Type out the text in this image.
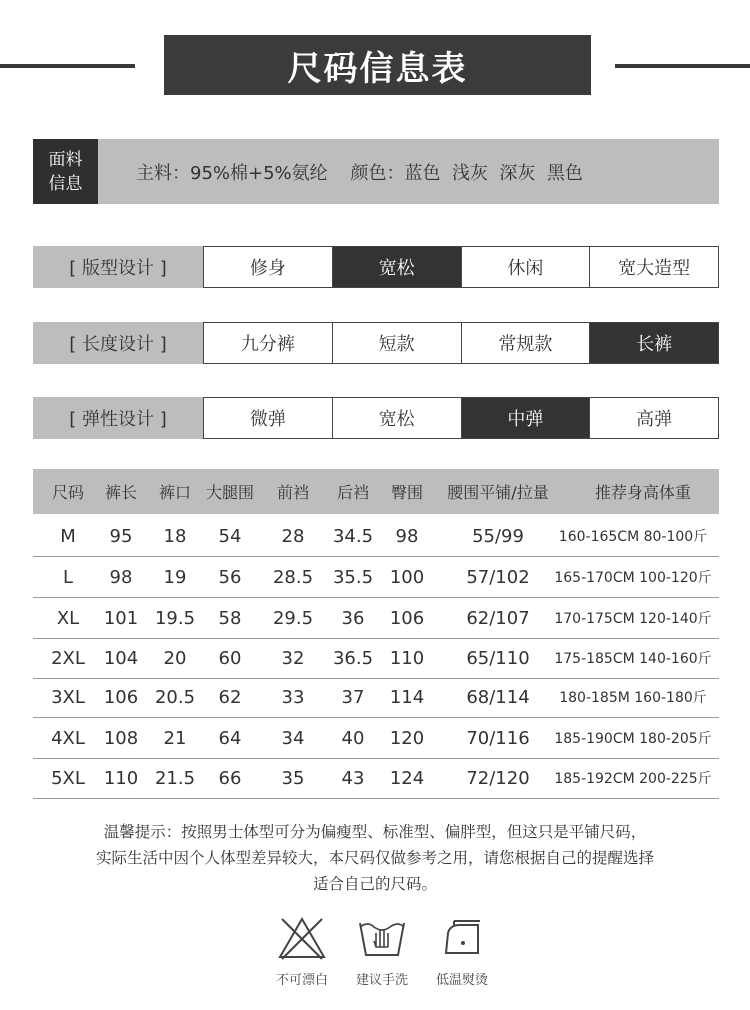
尺码信息表
面料
信息	主料：95%棉+5%氨纶    颜色：蓝色  浅灰  深灰  黑色
[ 版型设计 ]	修身	宽松	休闲	宽大造型
[ 长度设计 ]	九分裤	短款	常规款	长裤
[ 弹性设计 ]	微弹	宽松	中弹	高弹
尺码	裤长	裤口 大腿围	前裆	后裆	臀围	腰围平铺/拉量	推荐身高体重
M	95	18	54	28	34.5	98	55/99	160-165CM 80-100斤
L	98	19	56	28.5 35.5 100	57/102	165-170CM 100-120斤
XL	101 19.5	58	29.5	36	106	62/107	170-175CM 120-140斤
2XL	104	20	60	32	36.5 110	65/110	175-185CM 140-160斤
3XL	106 20.5	62	33	37	114	68/114	180-185M 160-180斤
4XL	108	21	64	34	40	120	70/116	185-190CM 180-205斤
5XL	110 21.5	66	35	43	124	72/120	185-192CM 200-225斤
温馨提示：按照男士体型可分为偏瘦型、标准型、偏胖型，但这只是平铺尺码，
实际生活中因个人体型差异较大，本尺码仅做参考之用，请您根据自己的提醒选择
适合自己的尺码。
不可漂白	建议手洗	低温熨烫
